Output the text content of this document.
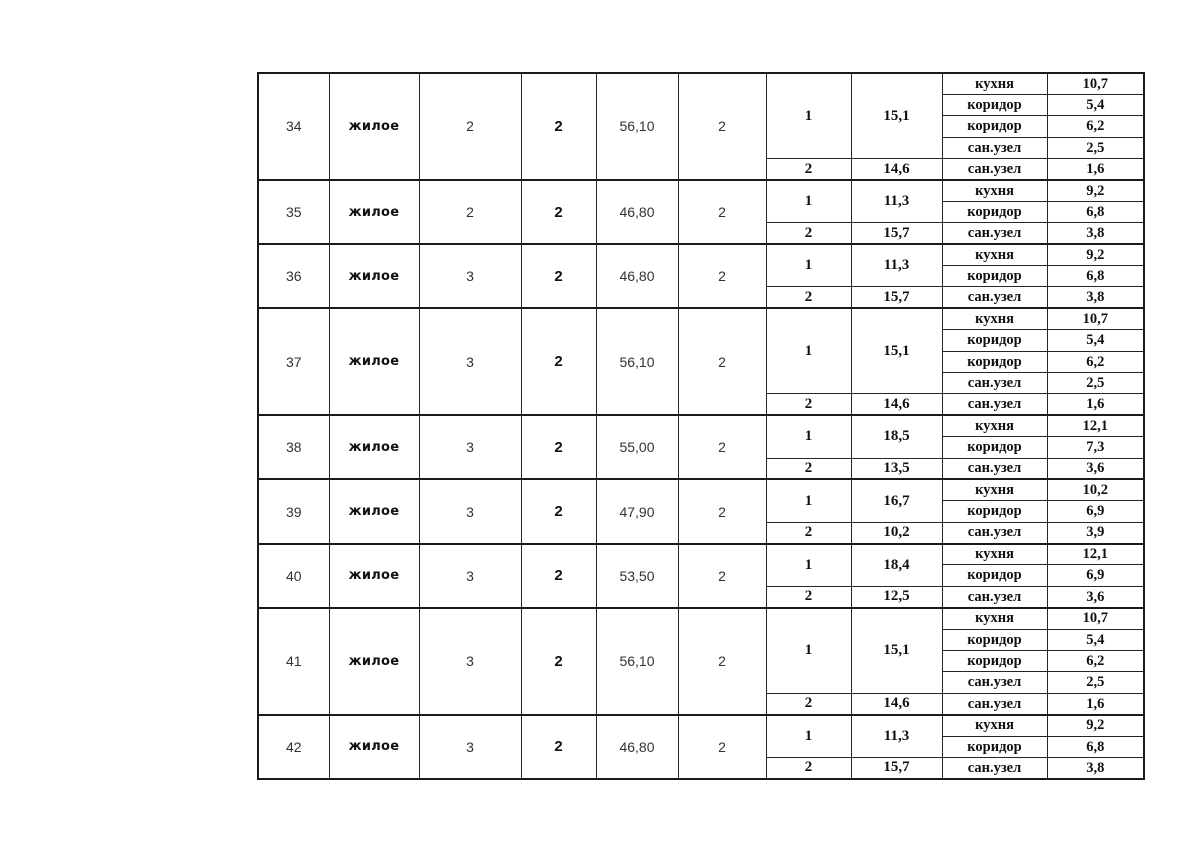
34	жилое	2	2	56,10	2	1	15,1	кухня	10,7
								коридор	5,4
								коридор	6,2
								сан.узел	2,5
						2	14,6	сан.узел	1,6
35	жилое	2	2	46,80	2	1	11,3	кухня	9,2
								коридор	6,8
						2	15,7	сан.узел	3,8
36	жилое	3	2	46,80	2	1	11,3	кухня	9,2
								коридор	6,8
						2	15,7	сан.узел	3,8
37	жилое	3	2	56,10	2	1	15,1	кухня	10,7
								коридор	5,4
								коридор	6,2
								сан.узел	2,5
						2	14,6	сан.узел	1,6
38	жилое	3	2	55,00	2	1	18,5	кухня	12,1
								коридор	7,3
						2	13,5	сан.узел	3,6
39	жилое	3	2	47,90	2	1	16,7	кухня	10,2
								коридор	6,9
						2	10,2	сан.узел	3,9
40	жилое	3	2	53,50	2	1	18,4	кухня	12,1
								коридор	6,9
						2	12,5	сан.узел	3,6
41	жилое	3	2	56,10	2	1	15,1	кухня	10,7
								коридор	5,4
								коридор	6,2
								сан.узел	2,5
						2	14,6	сан.узел	1,6
42	жилое	3	2	46,80	2	1	11,3	кухня	9,2
								коридор	6,8
						2	15,7	сан.узел	3,8
